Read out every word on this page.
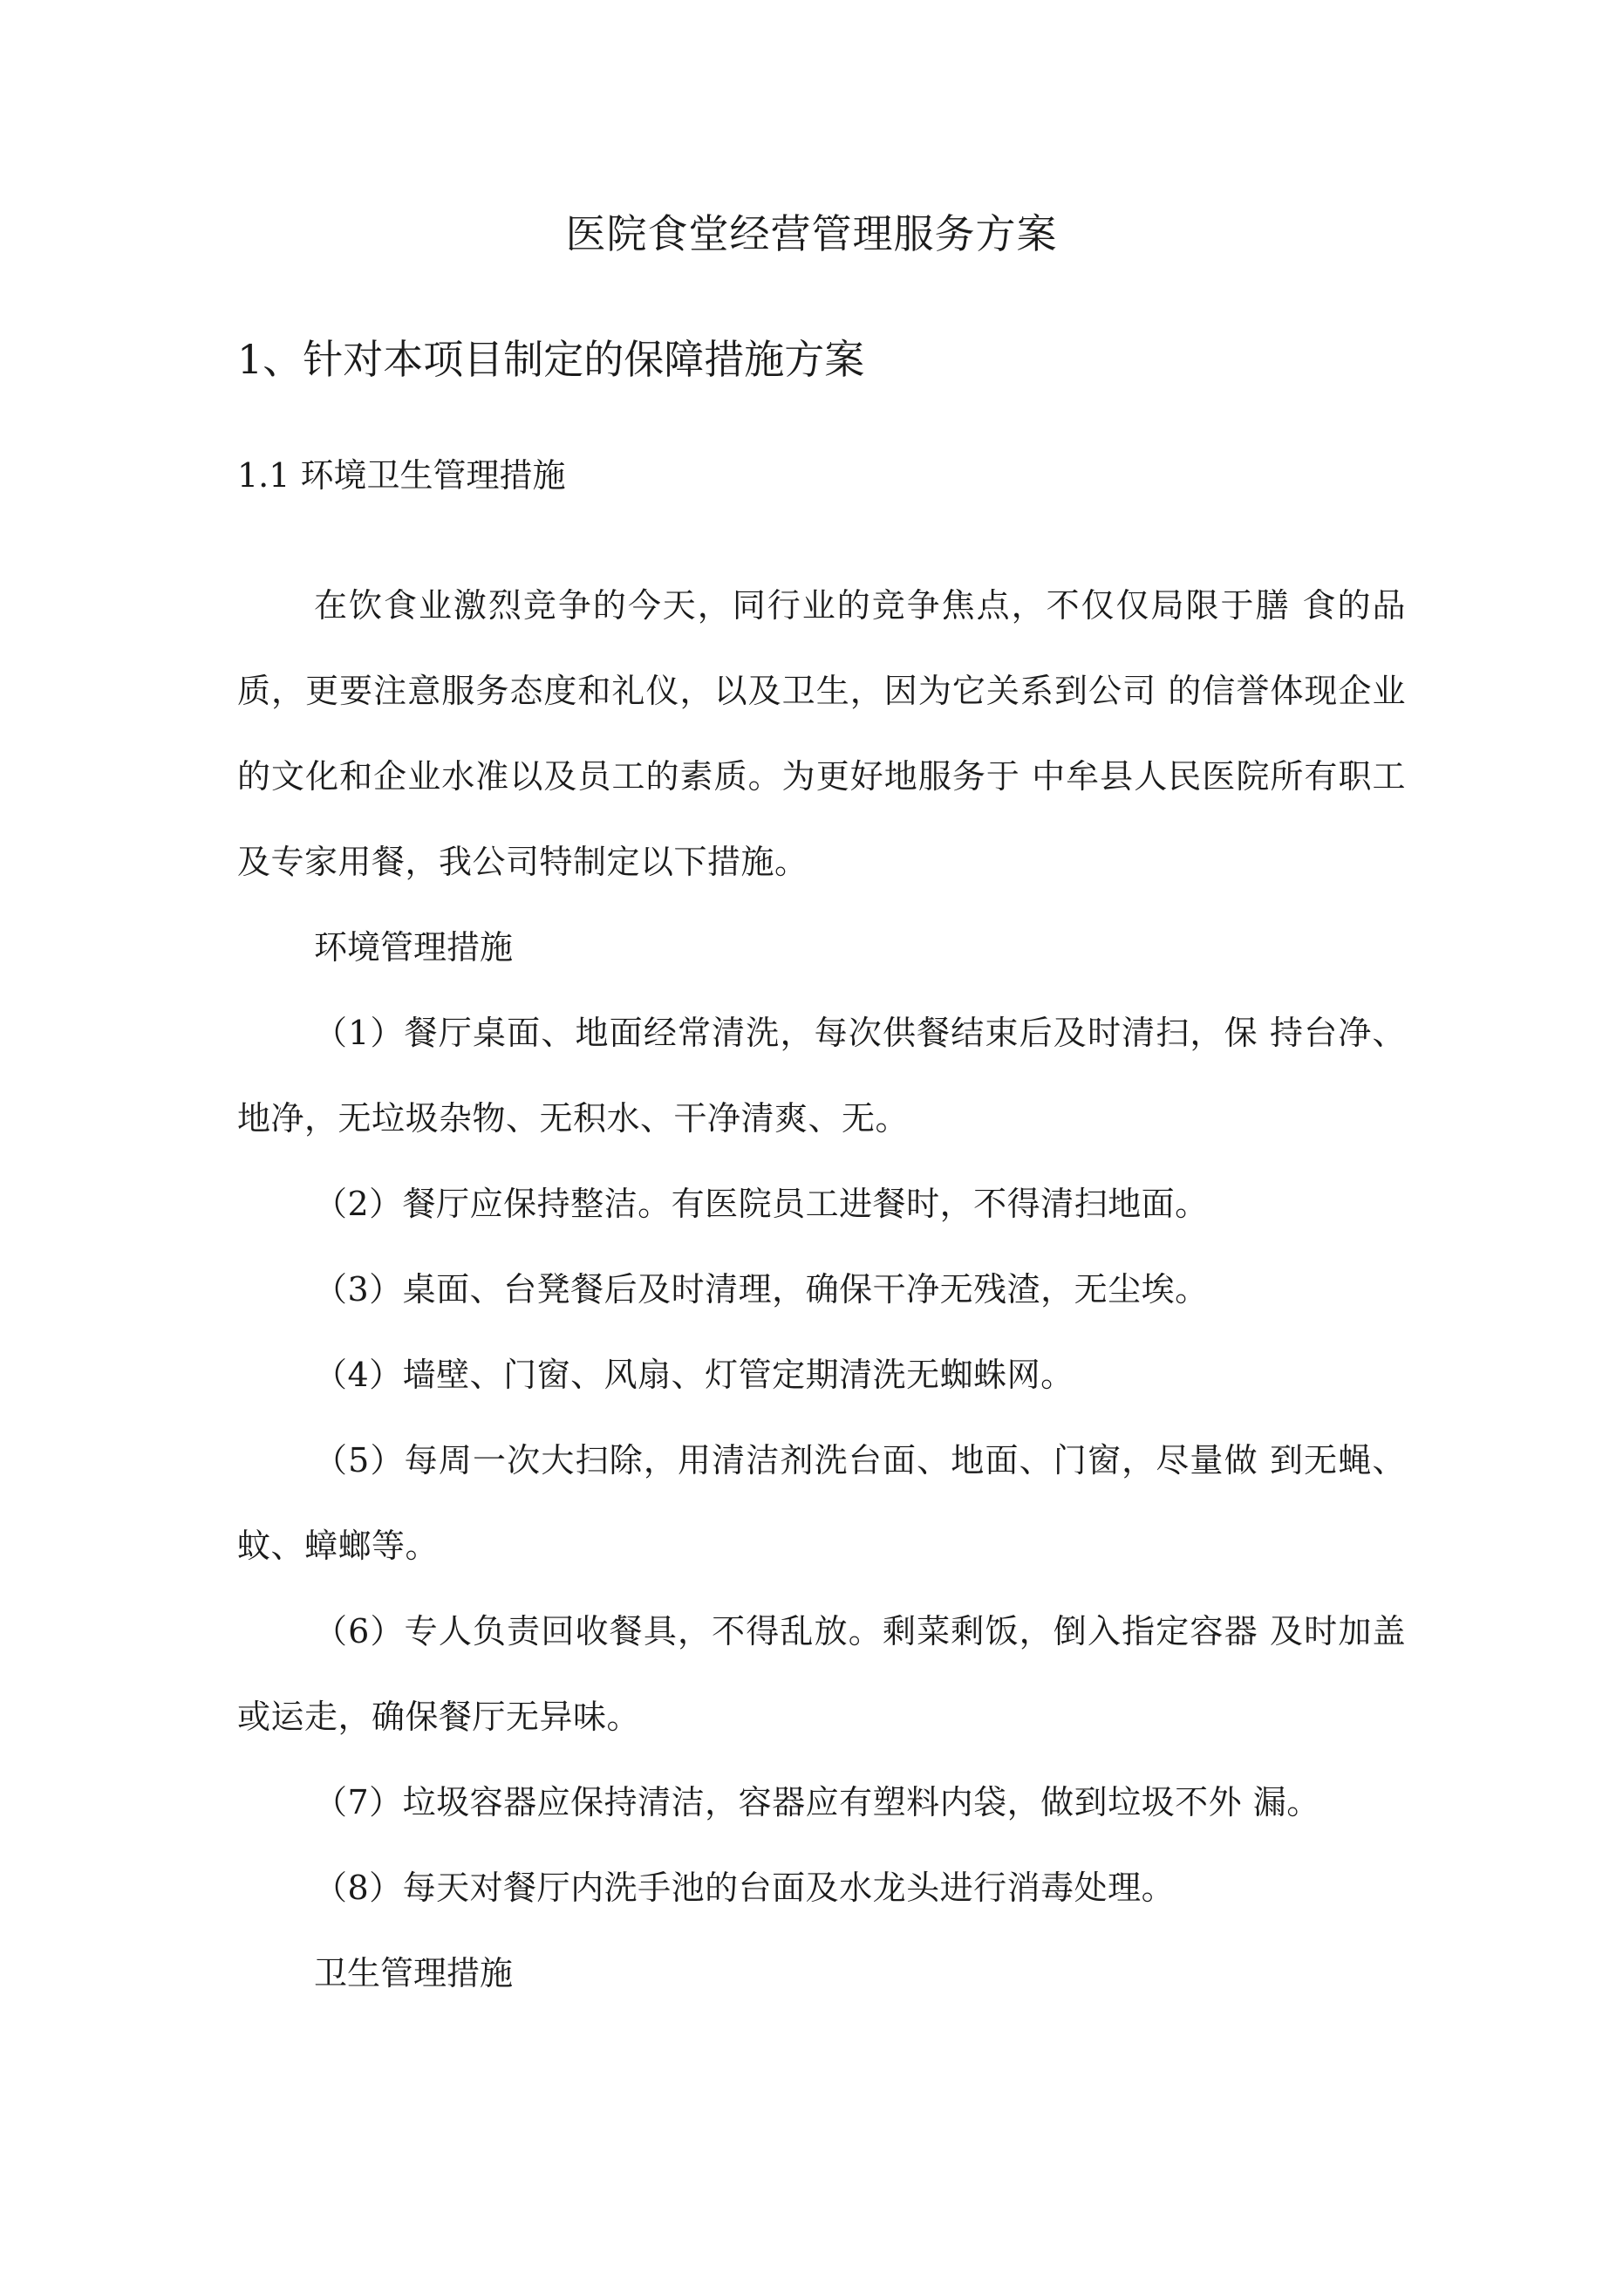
医院食堂经营管理服务方案
1、针对本项目制定的保障措施方案
1.1 环境卫生管理措施

在饮食业激烈竞争的今天，同行业的竞争焦点，不仅仅局限于膳 食的品质，更要注意服务态度和礼仪，以及卫生，因为它关系到公司 的信誉体现企业的文化和企业水准以及员工的素质。为更好地服务于 中牟县人民医院所有职工及专家用餐，我公司特制定以下措施。

环境管理措施

（1）餐厅桌面、地面经常清洗，每次供餐结束后及时清扫，保 持台净、地净，无垃圾杂物、无积水、干净清爽、无。

（2）餐厅应保持整洁。有医院员工进餐时，不得清扫地面。

（3）桌面、台凳餐后及时清理，确保干净无残渣，无尘埃。

（4）墙壁、门窗、风扇、灯管定期清洗无蜘蛛网。

（5）每周一次大扫除，用清洁剂洗台面、地面、门窗，尽量做 到无蝇、蚊、蟑螂等。

（6）专人负责回收餐具，不得乱放。剩菜剩饭，倒入指定容器 及时加盖或运走，确保餐厅无异味。

（7）垃圾容器应保持清洁，容器应有塑料内袋，做到垃圾不外 漏。

（8）每天对餐厅内洗手池的台面及水龙头进行消毒处理。

卫生管理措施
